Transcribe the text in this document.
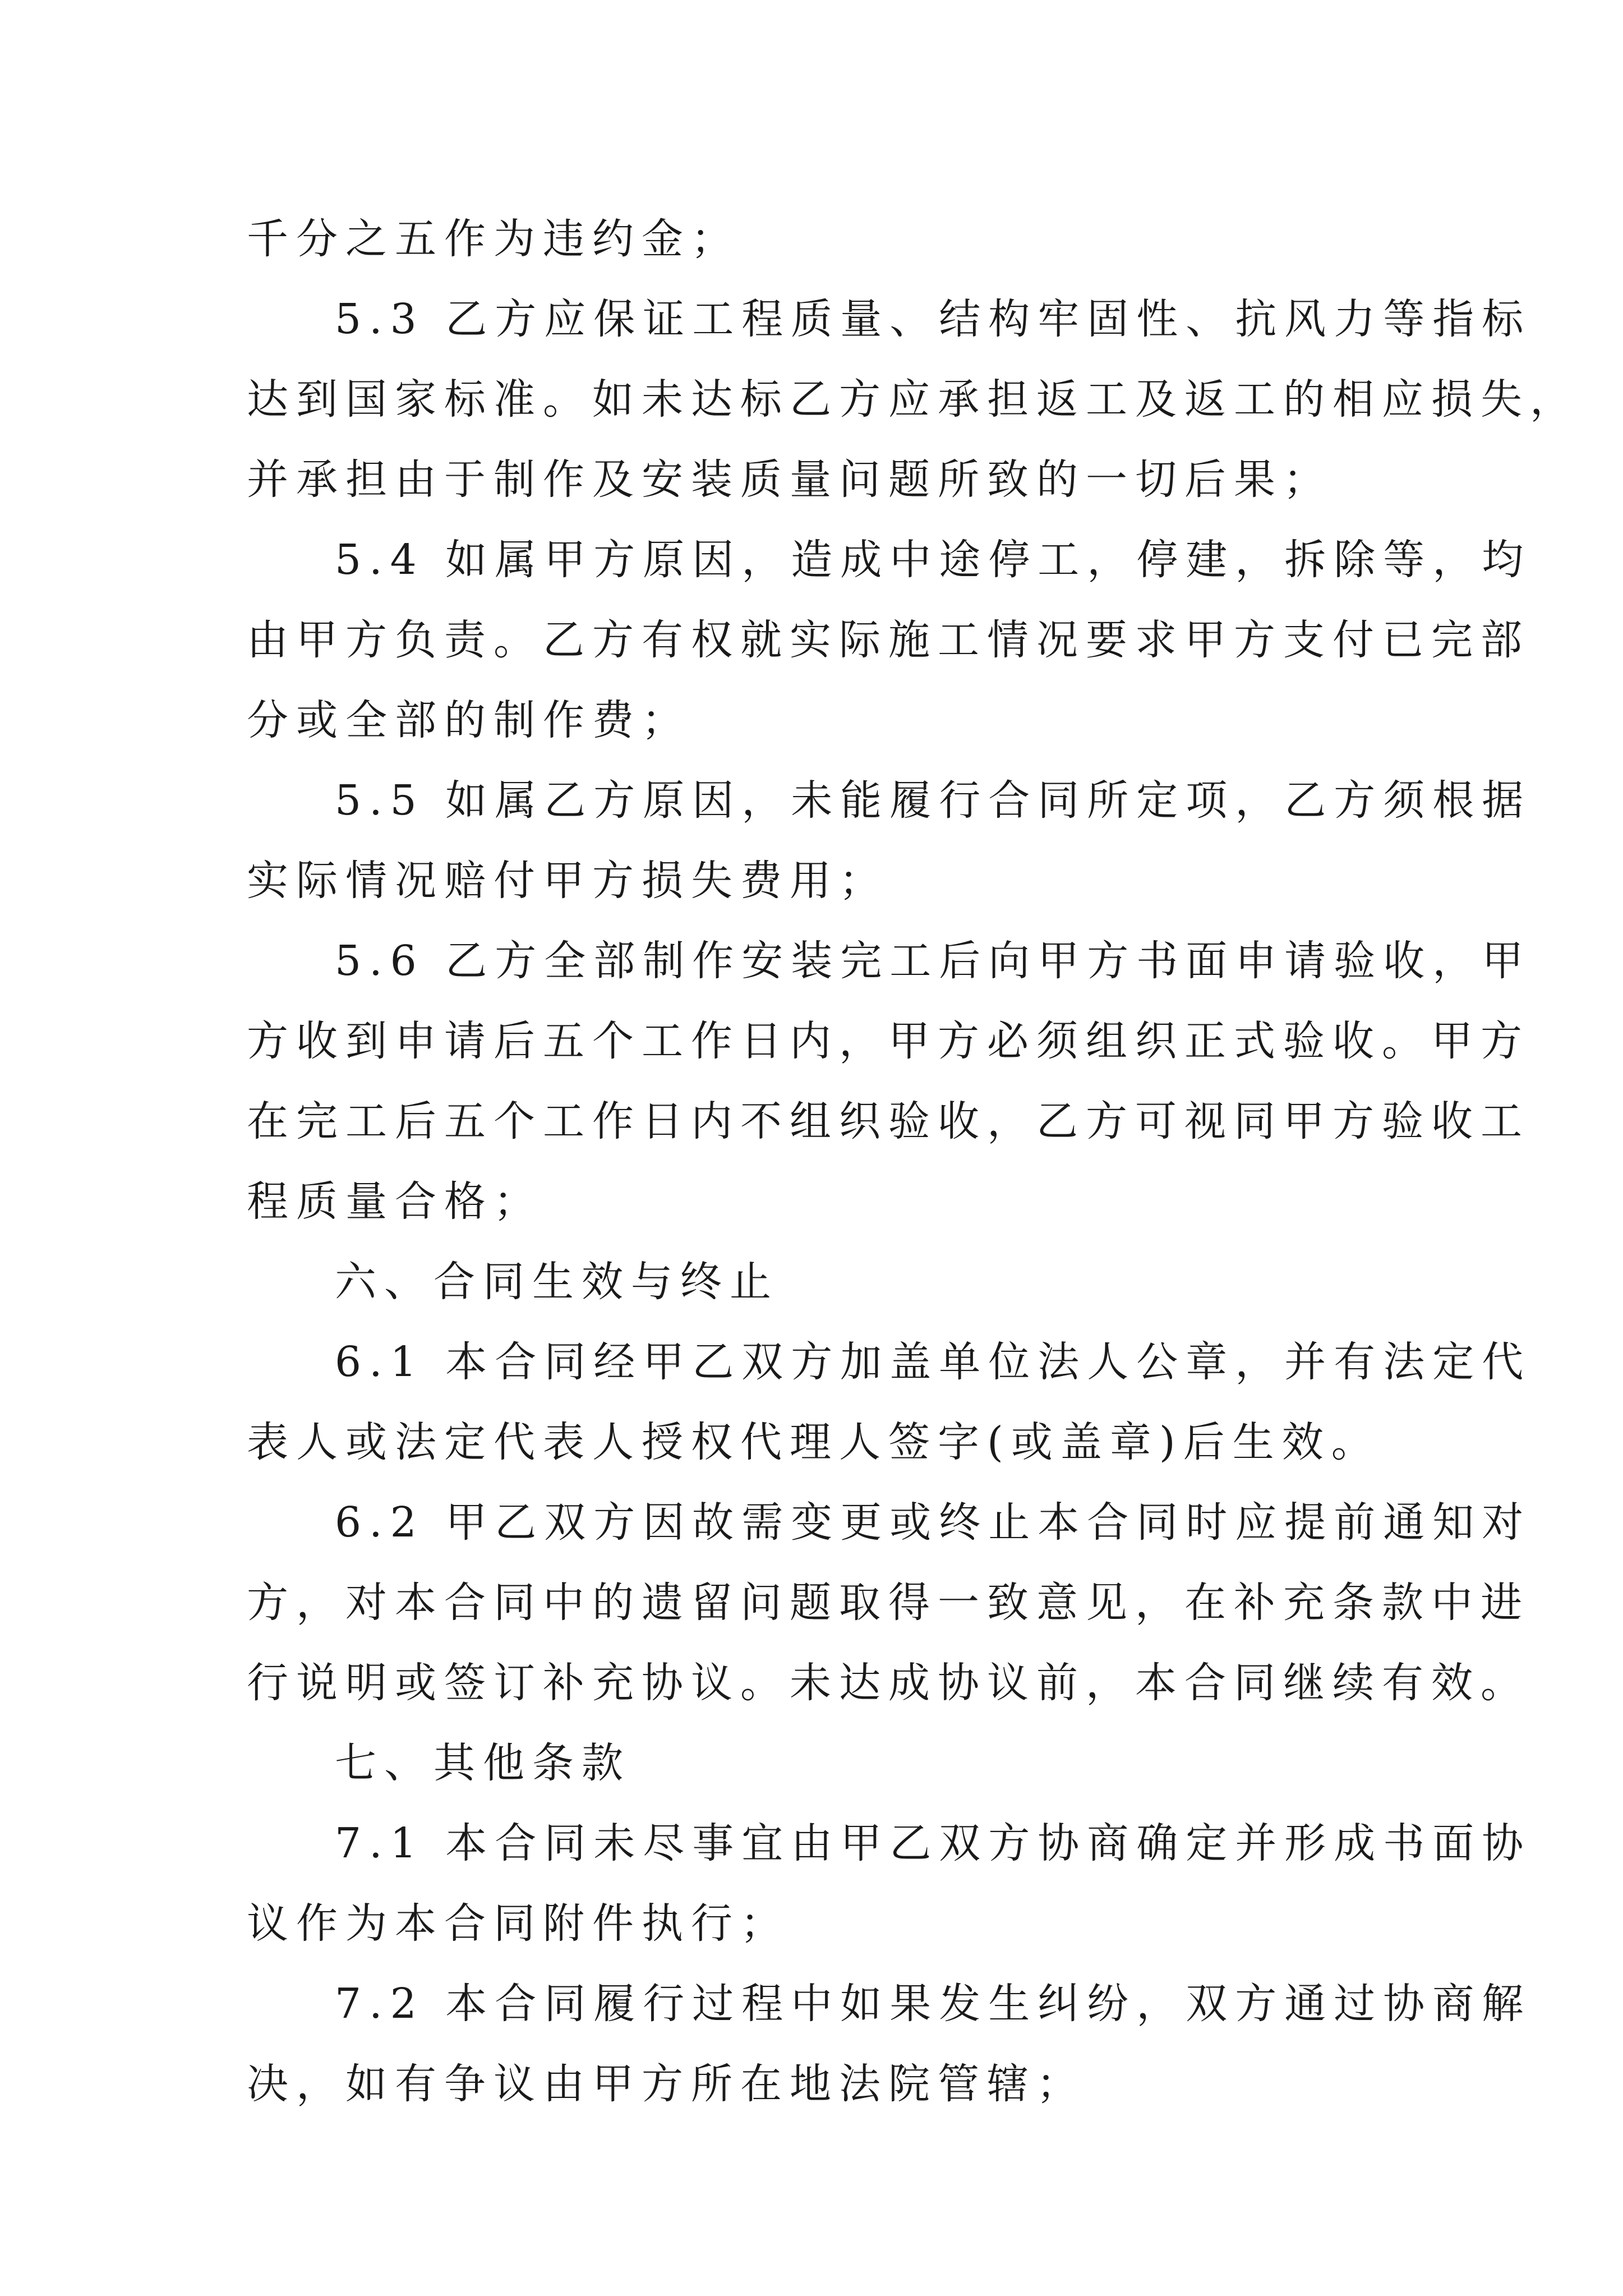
千分之五作为违约金；
5.3 乙方应保证工程质量、结构牢固性、抗风力等指标
达到国家标准。如未达标乙方应承担返工及返工的相应损失，
并承担由于制作及安装质量问题所致的一切后果；
5.4 如属甲方原因，造成中途停工，停建，拆除等，均
由甲方负责。乙方有权就实际施工情况要求甲方支付已完部
分或全部的制作费；
5.5 如属乙方原因，未能履行合同所定项，乙方须根据
实际情况赔付甲方损失费用；
5.6 乙方全部制作安装完工后向甲方书面申请验收，甲
方收到申请后五个工作日内，甲方必须组织正式验收。甲方
在完工后五个工作日内不组织验收，乙方可视同甲方验收工
程质量合格；
六、合同生效与终止
6.1 本合同经甲乙双方加盖单位法人公章，并有法定代
表人或法定代表人授权代理人签字(或盖章)后生效。
6.2 甲乙双方因故需变更或终止本合同时应提前通知对
方，对本合同中的遗留问题取得一致意见，在补充条款中进
行说明或签订补充协议。未达成协议前，本合同继续有效。
七、其他条款
7.1 本合同未尽事宜由甲乙双方协商确定并形成书面协
议作为本合同附件执行；
7.2 本合同履行过程中如果发生纠纷，双方通过协商解
决，如有争议由甲方所在地法院管辖；
